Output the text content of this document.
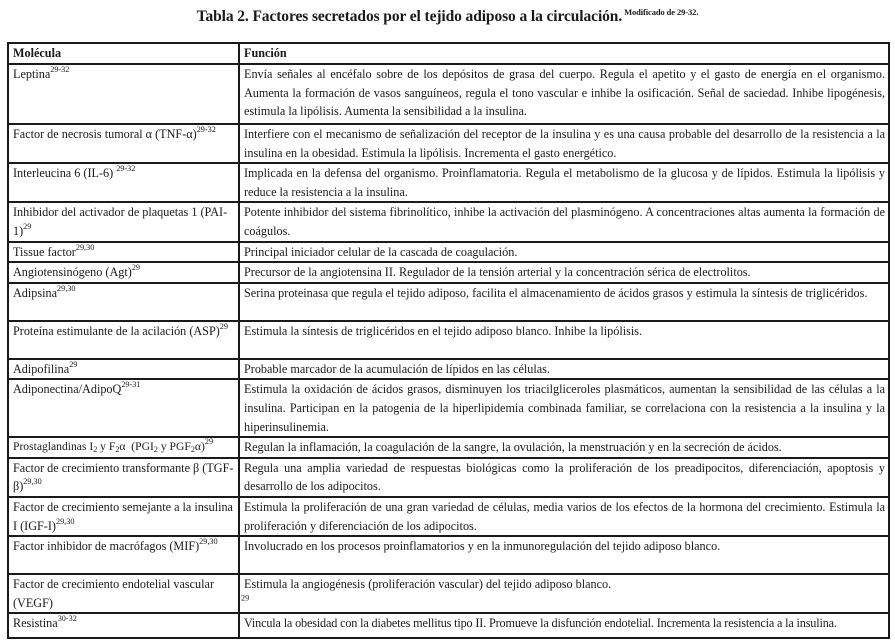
Tabla 2. Factores secretados por el tejido adiposo a la circulación. $^{Modificado de 29-32.}$
Molécula	Función
Leptina$^{29-32}$	Envía señales al encéfalo sobre de los depósitos de grasa del cuerpo. Regula el apetito y el gasto de energía en el organismo. Aumenta la formación de vasos sanguíneos, regula el tono vascular e inhibe la osificación. Señal de saciedad. Inhibe lipogénesis, estimula la lipólisis. Aumenta la sensibilidad a la insulina.
Factor de necrosis tumoral α $(TNF-\alpha)^{29-32}$	Interfiere con el mecanismo de señalización del receptor de la insulina y es una causa probable del desarrollo de la resistencia a la insulina en la obesidad. Estimula la lipólisis. Incrementa el gasto energético.
Interleucina 6 (IL-6) $^{29-32}$	Implicada en la defensa del organismo. Proinflamatoria. Regula el metabolismo de la glucosa y de lípidos. Estimula la lipólisis y reduce la resistencia a la insulina.
Inhibidor del activador de plaquetas 1 $(PAI-1)^{29}$	Potente inhibidor del sistema fibrinolítico, inhibe la activación del plasminógeno. A concentraciones altas aumenta la formación de coágulos.
Tissue factor$^{29,30}$	Principal iniciador celular de la cascada de coagulación.
Angiotensinógeno (Agt)$^{29}$	Precursor de la angiotensina II. Regulador de la tensión arterial y la concentración sérica de electrolitos.
Adipsina$^{29,30}$	Serina proteinasa que regula el tejido adiposo, facilita el almacenamiento de ácidos grasos y estimula la síntesis de triglicéridos.
Proteína estimulante de la acilación (ASP)$^{29}$	Estimula la síntesis de triglicéridos en el tejido adiposo blanco. Inhibe la lipólisis.
Adipofilina$^{29}$	Probable marcador de la acumulación de lípidos en las células.
Adiponectina/AdipoQ$^{29-31}$	Estimula la oxidación de ácidos grasos, disminuyen los triacilgliceroles plasmáticos, aumentan la sensibilidad de las células a la insulina. Participan en la patogenia de la hiperlipidemia combinada familiar, se correlaciona con la resistencia a la insulina y la hiperinsulinemia.
Prostaglandinas $I_2$ y $F_2\alpha$  ($PGI_2$ y $PGF_2\alpha)^{29}$	Regulan la inflamación, la coagulación de la sangre, la ovulación, la menstruación y en la secreción de ácidos.
Factor de crecimiento transformante β $(TGF-\beta)^{29,30}$	Regula una amplia variedad de respuestas biológicas como la proliferación de los preadipocitos, diferenciación, apoptosis y desarrollo de los adipocitos.
Factor de crecimiento semejante a la insulina I $(IGF-I)^{29,30}$	Estimula la proliferación de una gran variedad de células, media varios de los efectos de la hormona del crecimiento. Estimula la proliferación y diferenciación de los adipocitos.
Factor inhibidor de macrófagos (MIF)$^{29,30}$	Involucrado en los procesos proinflamatorios y en la inmunoregulación del tejido adiposo blanco.
Factor de crecimiento endotelial vascular (VEGF) $^{29}$	Estimula la angiogénesis (proliferación vascular) del tejido adiposo blanco.
Resistina$^{30-32}$	Vincula la obesidad con la diabetes mellitus tipo II. Promueve la disfunción endotelial. Incrementa la resistencia a la insulina.
